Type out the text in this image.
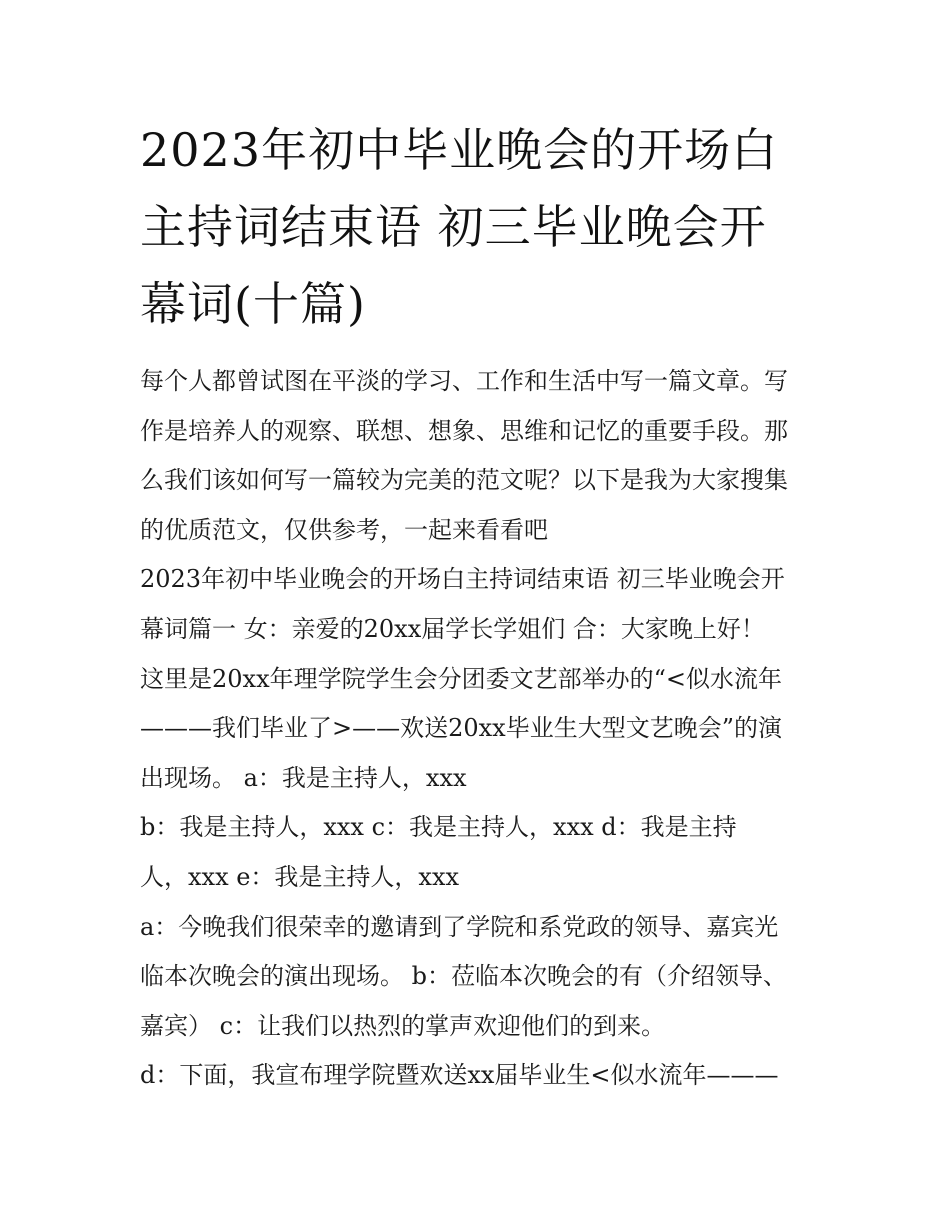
2023年初中毕业晚会的开场白
主持词结束语 初三毕业晚会开
幕词(十篇)
每个人都曾试图在平淡的学习、工作和生活中写一篇文章。写
作是培养人的观察、联想、想象、思维和记忆的重要手段。那
么我们该如何写一篇较为完美的范文呢？以下是我为大家搜集
的优质范文，仅供参考，一起来看看吧
2023年初中毕业晚会的开场白主持词结束语 初三毕业晚会开
幕词篇一 女：亲爱的20xx届学长学姐们 合：大家晚上好！
这里是20xx年理学院学生会分团委文艺部举办的“<似水流年
———我们毕业了>——欢送20xx毕业生大型文艺晚会”的演
出现场。 a：我是主持人，xxx
b：我是主持人，xxx c：我是主持人，xxx d：我是主持
人，xxx e：我是主持人，xxx
a：今晚我们很荣幸的邀请到了学院和系党政的领导、嘉宾光
临本次晚会的演出现场。 b：莅临本次晚会的有（介绍领导、
嘉宾） c：让我们以热烈的掌声欢迎他们的到来。
d：下面，我宣布理学院暨欢送xx届毕业生<似水流年———
